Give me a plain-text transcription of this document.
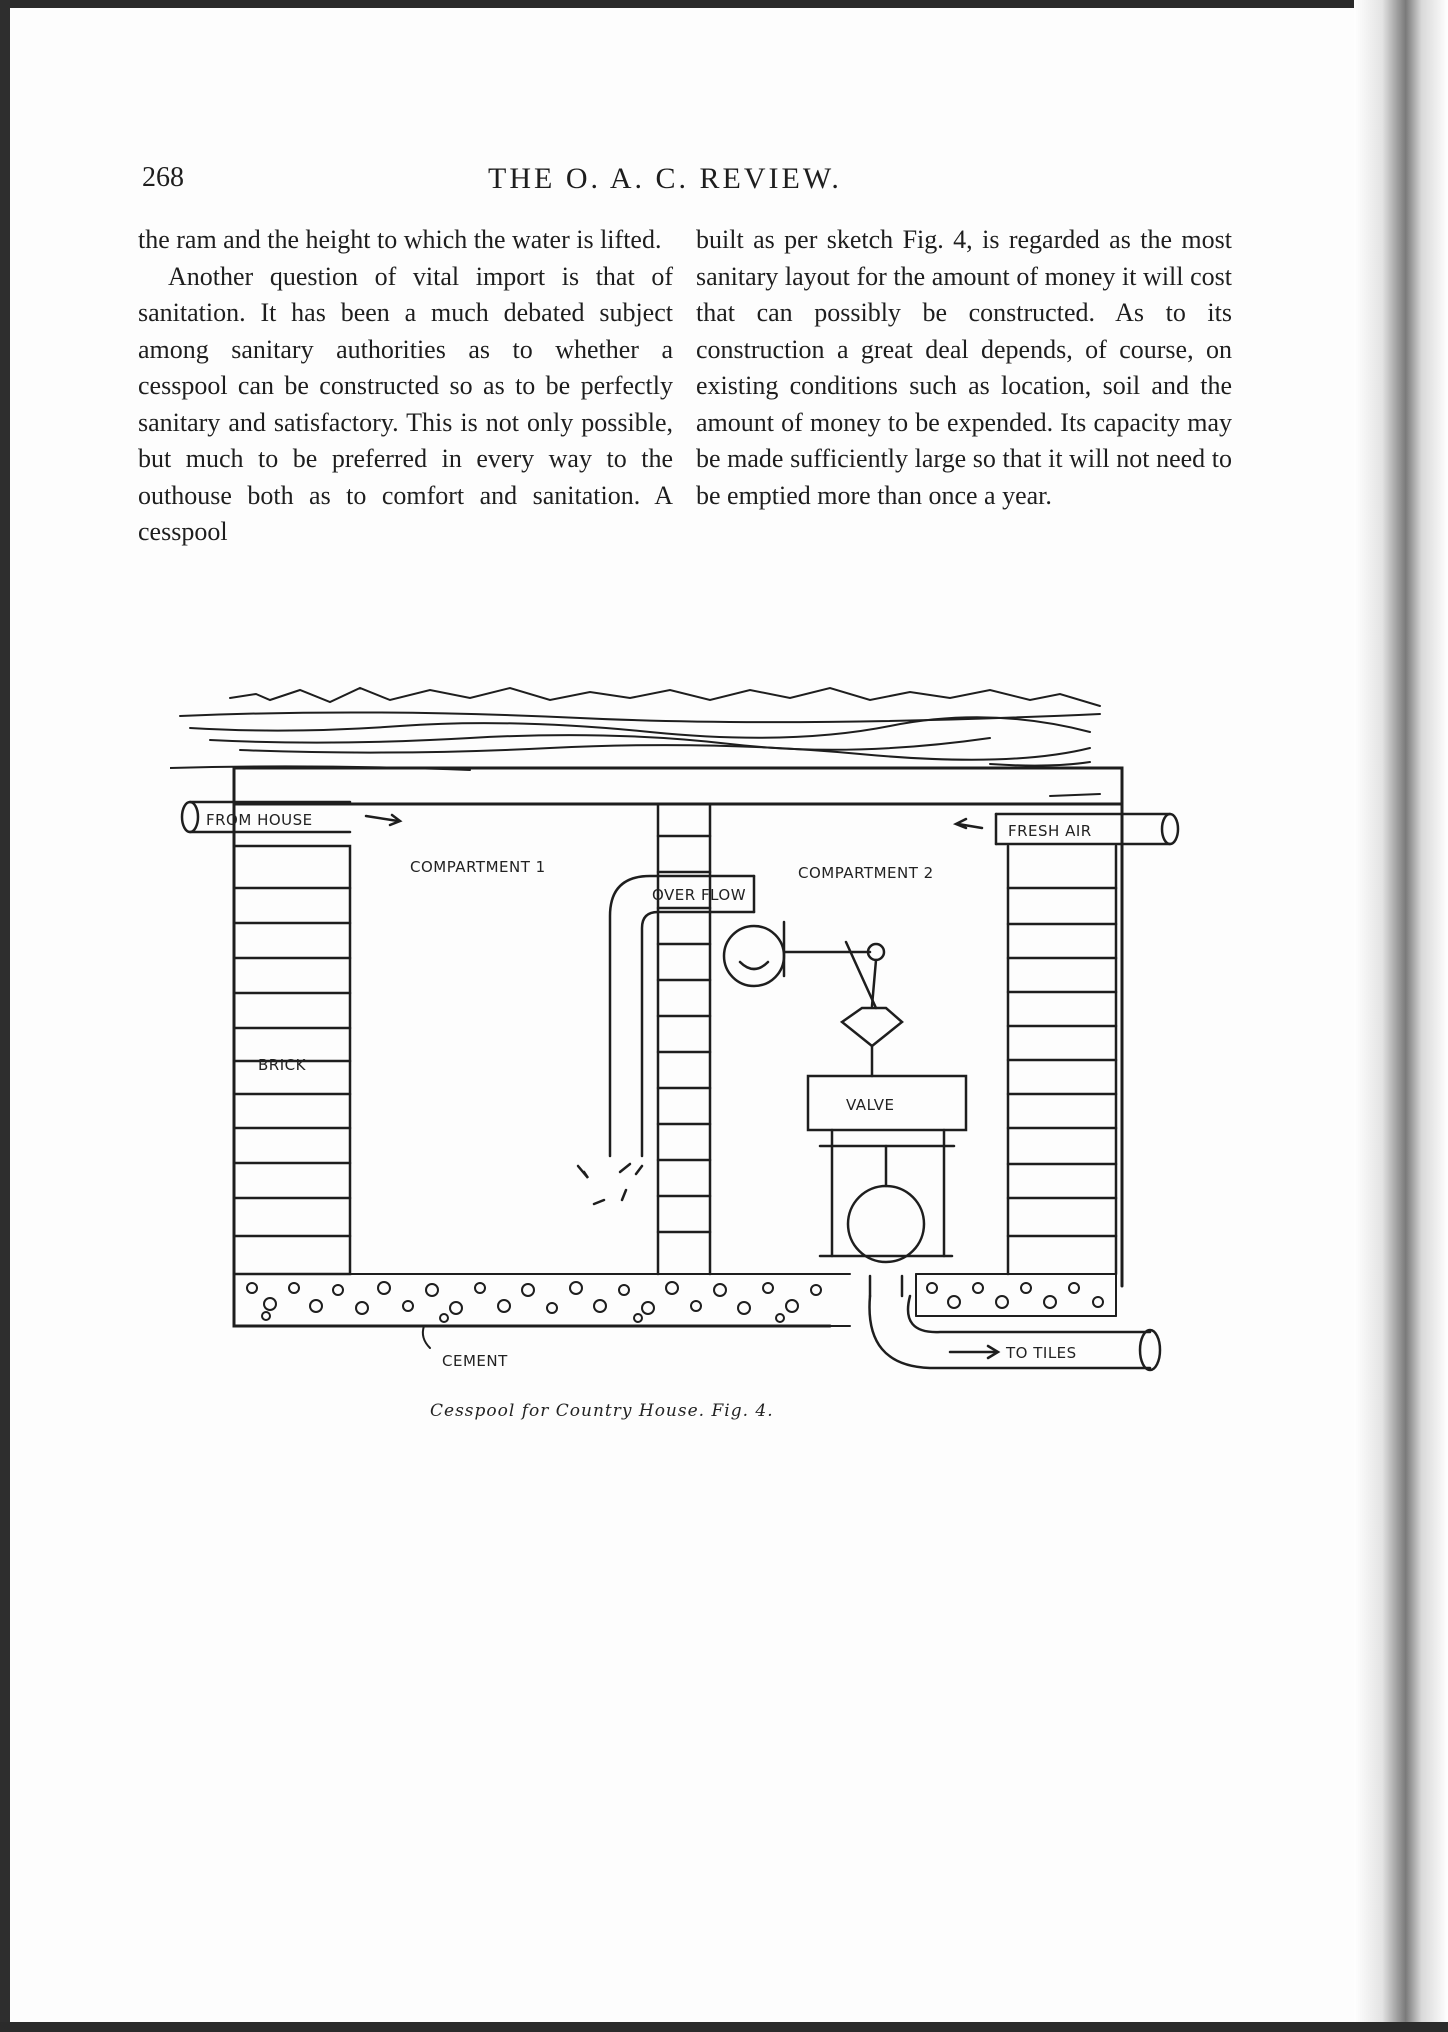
268	THE O. A. C. REVIEW.

the ram and the height to which the water is lifted.

Another question of vital import is that of sanitation. It has been a much debated subject among sanitary authorities as to whether a cesspool can be constructed so as to be perfectly sanitary and satisfactory. This is not only possible, but much to be preferred in every way to the outhouse both as to comfort and sanitation. A cesspool

built as per sketch Fig. 4, is regarded as the most sanitary layout for the amount of money it will cost that can possibly be constructed. As to its construction a great deal depends, of course, on existing conditions such as location, soil and the amount of money to be expended. Its capacity may be made sufficiently large so that it will not need to be emptied more than once a year.

FROM HOUSE
FRESH AIR
COMPARTMENT 1	COMPARTMENT 2
OVER FLOW
BRICK
VALVE
CEMENT	TO TILES
Cesspool for Country House. Fig. 4.
